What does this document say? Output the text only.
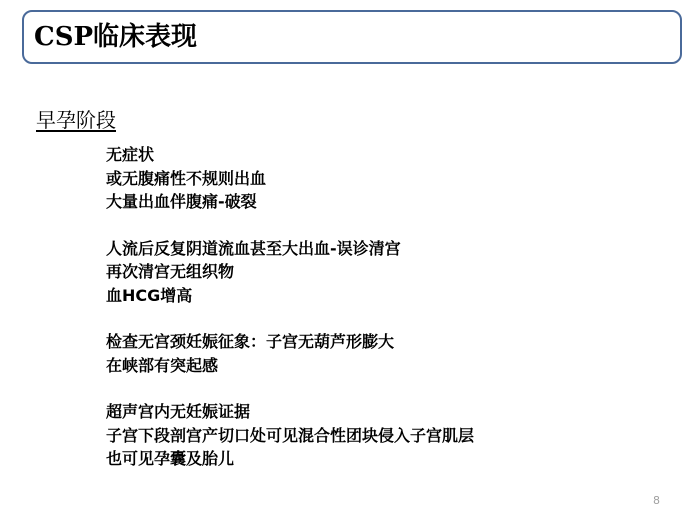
CSP临床表现
早孕阶段
无症状
或无腹痛性不规则出血
大量出血伴腹痛-破裂
人流后反复阴道流血甚至大出血-误诊清宫
再次清宫无组织物
血HCG增高
检查无宫颈妊娠征象：子宫无葫芦形膨大
在峡部有突起感
超声宫内无妊娠证据
子宫下段剖宫产切口处可见混合性团块侵入子宫肌层
也可见孕囊及胎儿
8
